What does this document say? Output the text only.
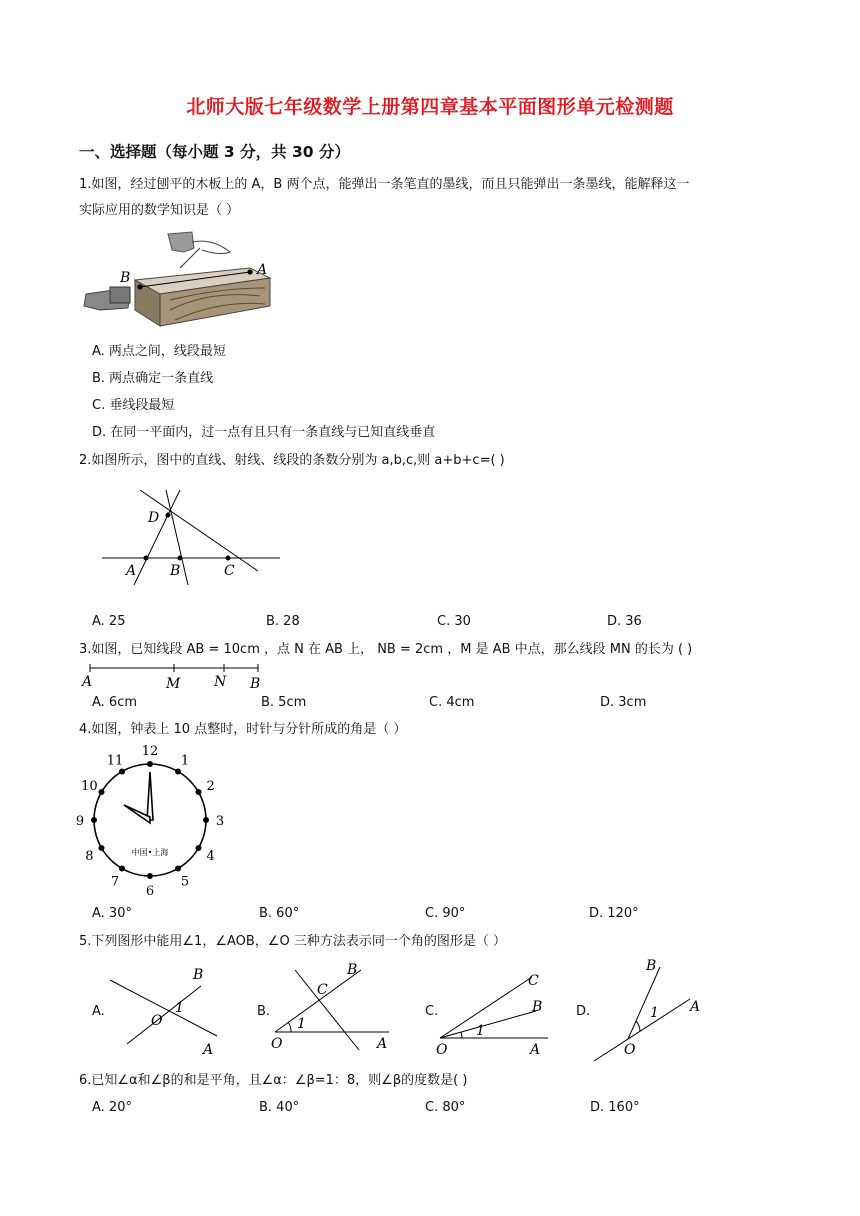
北师大版七年级数学上册第四章基本平面图形单元检测题
一、选择题（每小题 3 分，共 30 分）
1.如图，经过刨平的木板上的 A，B 两个点，能弹出一条笔直的墨线，而且只能弹出一条墨线，能解释这一
实际应用的数学知识是（ ）
B	A
A. 两点之间，线段最短
B. 两点确定一条直线
C. 垂线段最短
D. 在同一平面内，过一点有且只有一条直线与已知直线垂直
2.如图所示，图中的直线、射线、线段的条数分别为 a,b,c,则 a+b+c=( )
D
A B	C
A. 25	B. 28	C. 30	D. 36
3.如图，已知线段 AB = 10cm ，点 N 在 AB 上， NB = 2cm ，M 是 AB 中点，那么线段 MN 的长为 ( )
A	M N B
A. 6cm	B. 5cm	C. 4cm	D. 3cm
4.如图，钟表上 10 点整时，时针与分针所成的角是（ ）
12
1
2
3
4
5
6
7
8
9
10
11
中国•上海
A. 30°	B. 60°	C. 90°	D. 120°
5.下列图形中能用∠1，∠AOB，∠O 三种方法表示同一个角的图形是（ ）
A.
B
O
1
A
B.
B
C
1
O	A
C.
C
B
1
O	A
D.
B
1 A
O
6.已知∠α和∠β的和是平角，且∠α：∠β=1：8，则∠β的度数是( )
A. 20°	B. 40°	C. 80°	D. 160°
